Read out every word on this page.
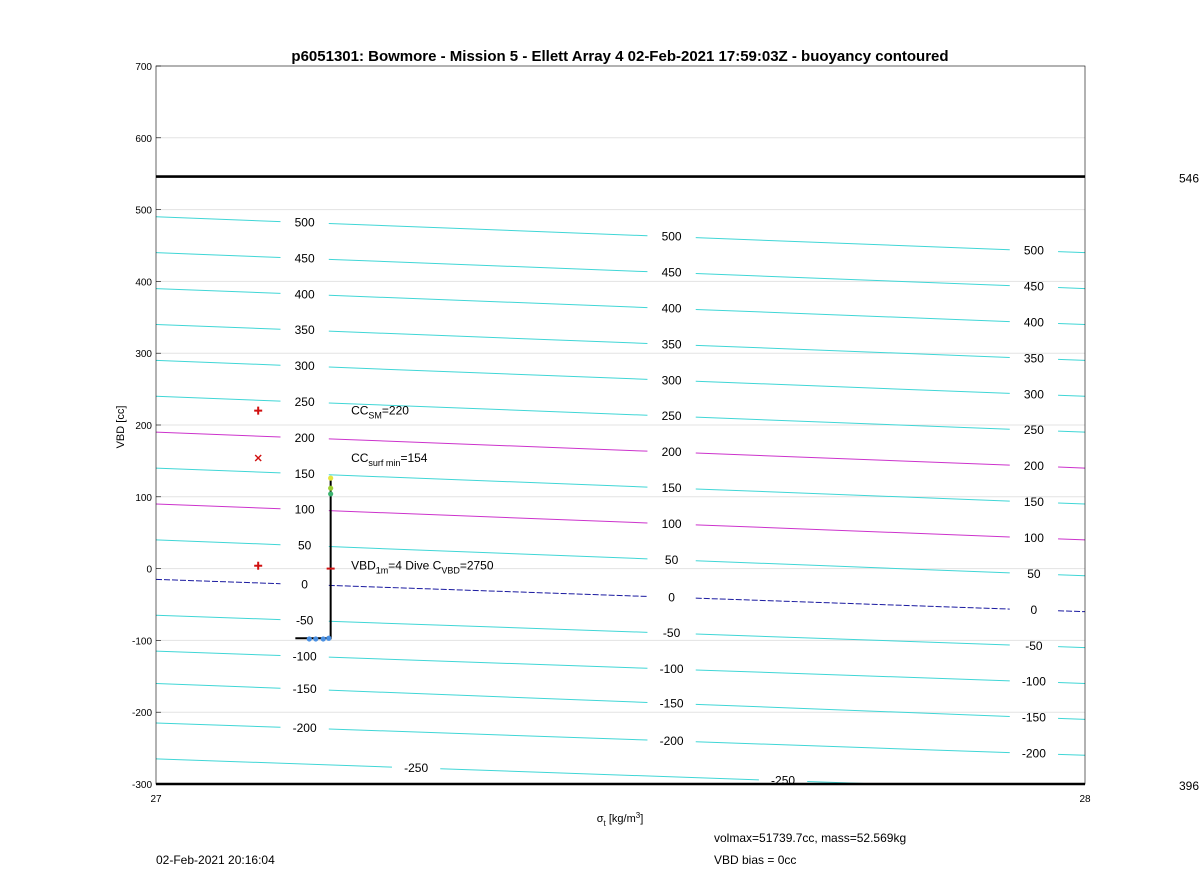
p6051301: Bowmore - Mission 5 - Ellett Array 4 02-Feb-2021 17:59:03Z - buoyancy contoured
500
450
400
350
300
250
200
150
100
50
0
-50
-100
-150
-200
-250
500
450
400
350
300
250
200
150
100
50
0
-50
-100
-150
-200
-250
500
450
400
350
300
250
200
150
100
50
0
-50
-100
-150
-200
546
396
700
600
500
400
300
200
100
0
-100
-200
-300
27	28
$CC_{SM}=220$
$CC_{surf min}=154$
$VBD_{1m}=4$ Dive $C_{VBD}=2750$
VBD [cc]
$\sigma_t$ $[kg/m^3]$
02-Feb-2021 20:16:04
volmax=51739.7cc, mass=52.569kg
VBD bias = 0cc
